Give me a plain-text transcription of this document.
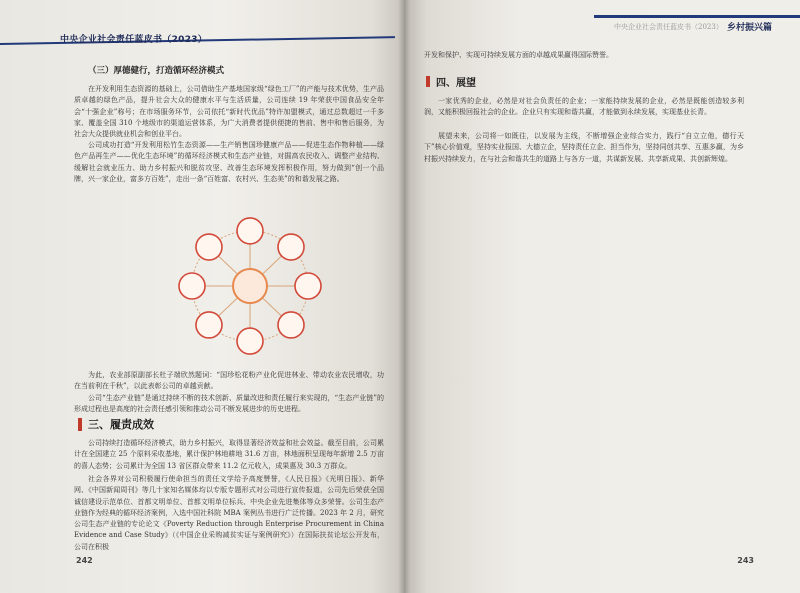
中央企业社会责任蓝皮书（2023）
（三）厚德健行，打造循环经济模式
在开发利用生态资源的基础上，公司借助生产基地国家级“绿色工厂”的产能与技术优势，生产品质卓越的绿色产品，提升社会大众的健康水平与生活质量，公司连续 19 年荣获中国食品安全年会“十强企业”称号；在市场服务环节，公司依托“新时代优品”特许加盟模式，通过总数超过一千多家、覆盖全国 310 个地级市的渠道运营体系，为广大消费者提供便捷的售前、售中和售后服务，为社会大众提供就业机会和创业平台。
公司成功打造“开发利用松竹生态资源——生产销售国珍健康产品——促进生态作物种植——绿色产品再生产——优化生态环境”的循环经济模式和生态产业链，对掘高农民收入、调整产业结构、缓解社会就业压力、助力乡村振兴和脱贫攻坚、改善生态环境发挥积极作用，努力做到“创一个品牌，兴一家企业，富多方百姓”，走出一条“百姓富、农村兴、生态美”的和谐发展之路。
为此，农业部原副部长杜子端欣然题词：“国珍松花粉产业化促进林业、带动农业农民增收，功在当前利在千秋”，以此表彰公司的卓越贡献。
公司“生态产业链”是通过持续不断的技术创新、质量改进和责任履行来实现的，“生态产业链”的形成过程也是高度的社会责任感引领和推动公司不断发展进步的历史进程。
三、履责成效
公司持续打造循环经济模式，助力乡村振兴，取得显著经济效益和社会效益。截至目前，公司累计在全国建立 25 个原料采收基地，累计保护林地耕地 31.6 万亩，林地面积呈现每年新增 2.5 万亩的喜人态势；公司累计为全国 13 省区群众带来 11.2 亿元收入，成果惠及 30.3 万群众。
社会各界对公司积极履行使命担当的责任文学给予高度赞誉，《人民日报》《光明日报》、新华网、《中国新闻周刊》等几十家知名媒体均以专版专题形式对公司进行宣传报道，公司先后荣获全国诚信建设示范单位、首都文明单位、首都文明单位标兵、中央企业先进集体等众多荣誉。公司生态产业链作为经典的循环经济案例，入选中国社科院 MBA 案例丛书进行广泛传播。2023 年 2 月，研究公司生态产业链的专论论文《Poverty Reduction through Enterprise Procurement in China Evidence and Case Study》（《中国企业采购减贫实证与案例研究》）在国际扶贫论坛公开发布，公司在积极
242
中央企业社会责任蓝皮书（2023） 乡村振兴篇
开发和保护、实现可持续发展方面的卓越成果赢得国际赞誉。
四、展望
一家优秀的企业，必然是对社会负责任的企业；一家能持续发展的企业，必然是既能创造较多利润，又能积极回报社会的企业。企业只有实现和谐共赢，才能做到永续发展，实现基业长青。
展望未来，公司将一如既往，以发展为主线，不断增强企业综合实力，践行“自立立他，德行天下”核心价值观，坚持实业报国、大德立企，坚持责任立企、担当作为，坚持同创共享、互惠多赢，为乡村振兴持续发力，在与社会和谐共生的道路上与各方一道，共谋新发展、共享新成果、共创新辉煌。
243
